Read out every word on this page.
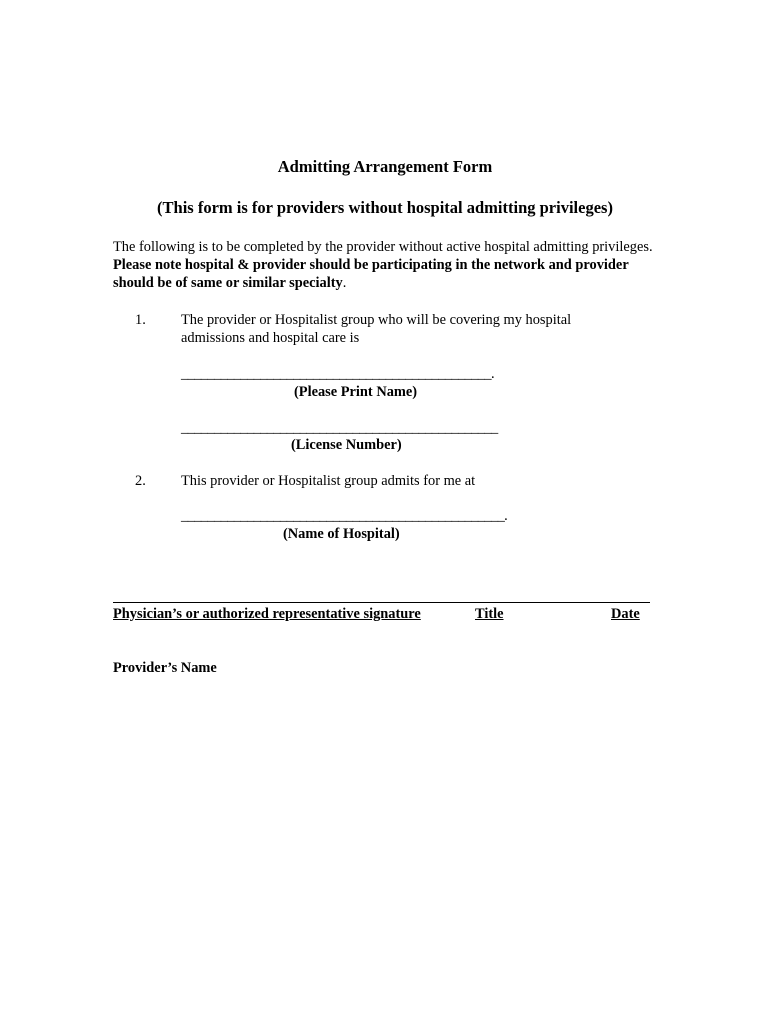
Admitting Arrangement Form
(This form is for providers without hospital admitting privileges)
The following is to be completed by the provider without active hospital admitting privileges. Please note hospital & provider should be participating in the network and provider should be of same or similar specialty.
1. The provider or Hospitalist group who will be covering my hospital admissions and hospital care is
_______________________________________________.
(Please Print Name)
________________________________________________
(License Number)
2. This provider or Hospitalist group admits for me at
_________________________________________________.
(Name of Hospital)
Physician’s or authorized representative signature	Title	Date
Provider’s Name
